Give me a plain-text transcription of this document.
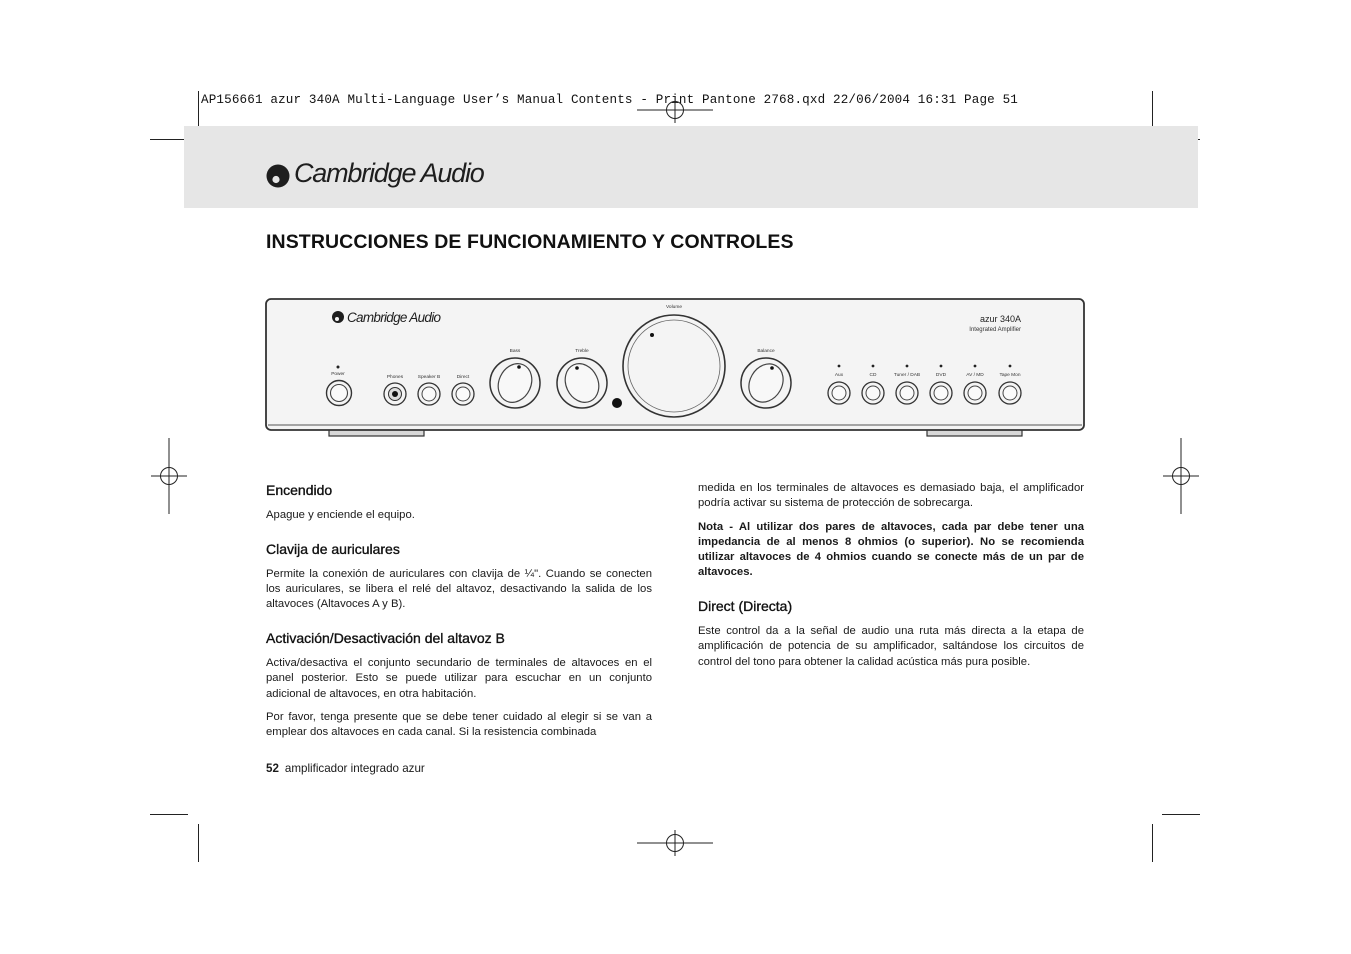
AP156661 azur 340A Multi-Language User’s Manual Contents - Print Pantone 2768.qxd 22/06/2004 16:31 Page 51
Cambridge Audio
INSTRUCCIONES DE FUNCIONAMIENTO Y CONTROLES
Cambridge Audio	azur 340A
Integrated Amplifier
Power
Phones	Speaker B	Direct
Bass	Treble
Volume
Balance
Aux	CD	Tuner / DAB	DVD	AV / MD	Tape Mon
Encendido

Apague y enciende el equipo.

Clavija de auriculares

Permite la conexión de auriculares con clavija de ¼". Cuando se conecten los auriculares, se libera el relé del altavoz, desactivando la salida de los altavoces (Altavoces A y B).

Activación/Desactivación del altavoz B

Activa/desactiva el conjunto secundario de terminales de altavoces en el panel posterior. Esto se puede utilizar para escuchar en un conjunto adicional de altavoces, en otra habitación.

Por favor, tenga presente que se debe tener cuidado al elegir si se van a emplear dos altavoces en cada canal. Si la resistencia combinada

medida en los terminales de altavoces es demasiado baja, el amplificador podría activar su sistema de protección de sobrecarga.

Nota - Al utilizar dos pares de altavoces, cada par debe tener una impedancia de al menos 8 ohmios (o superior). No se recomienda utilizar altavoces de 4 ohmios cuando se conecte más de un par de altavoces.

Direct (Directa)

Este control da a la señal de audio una ruta más directa a la etapa de amplificación de potencia de su amplificador, saltándose los circuitos de control del tono para obtener la calidad acústica más pura posible.

52 amplificador integrado azur
